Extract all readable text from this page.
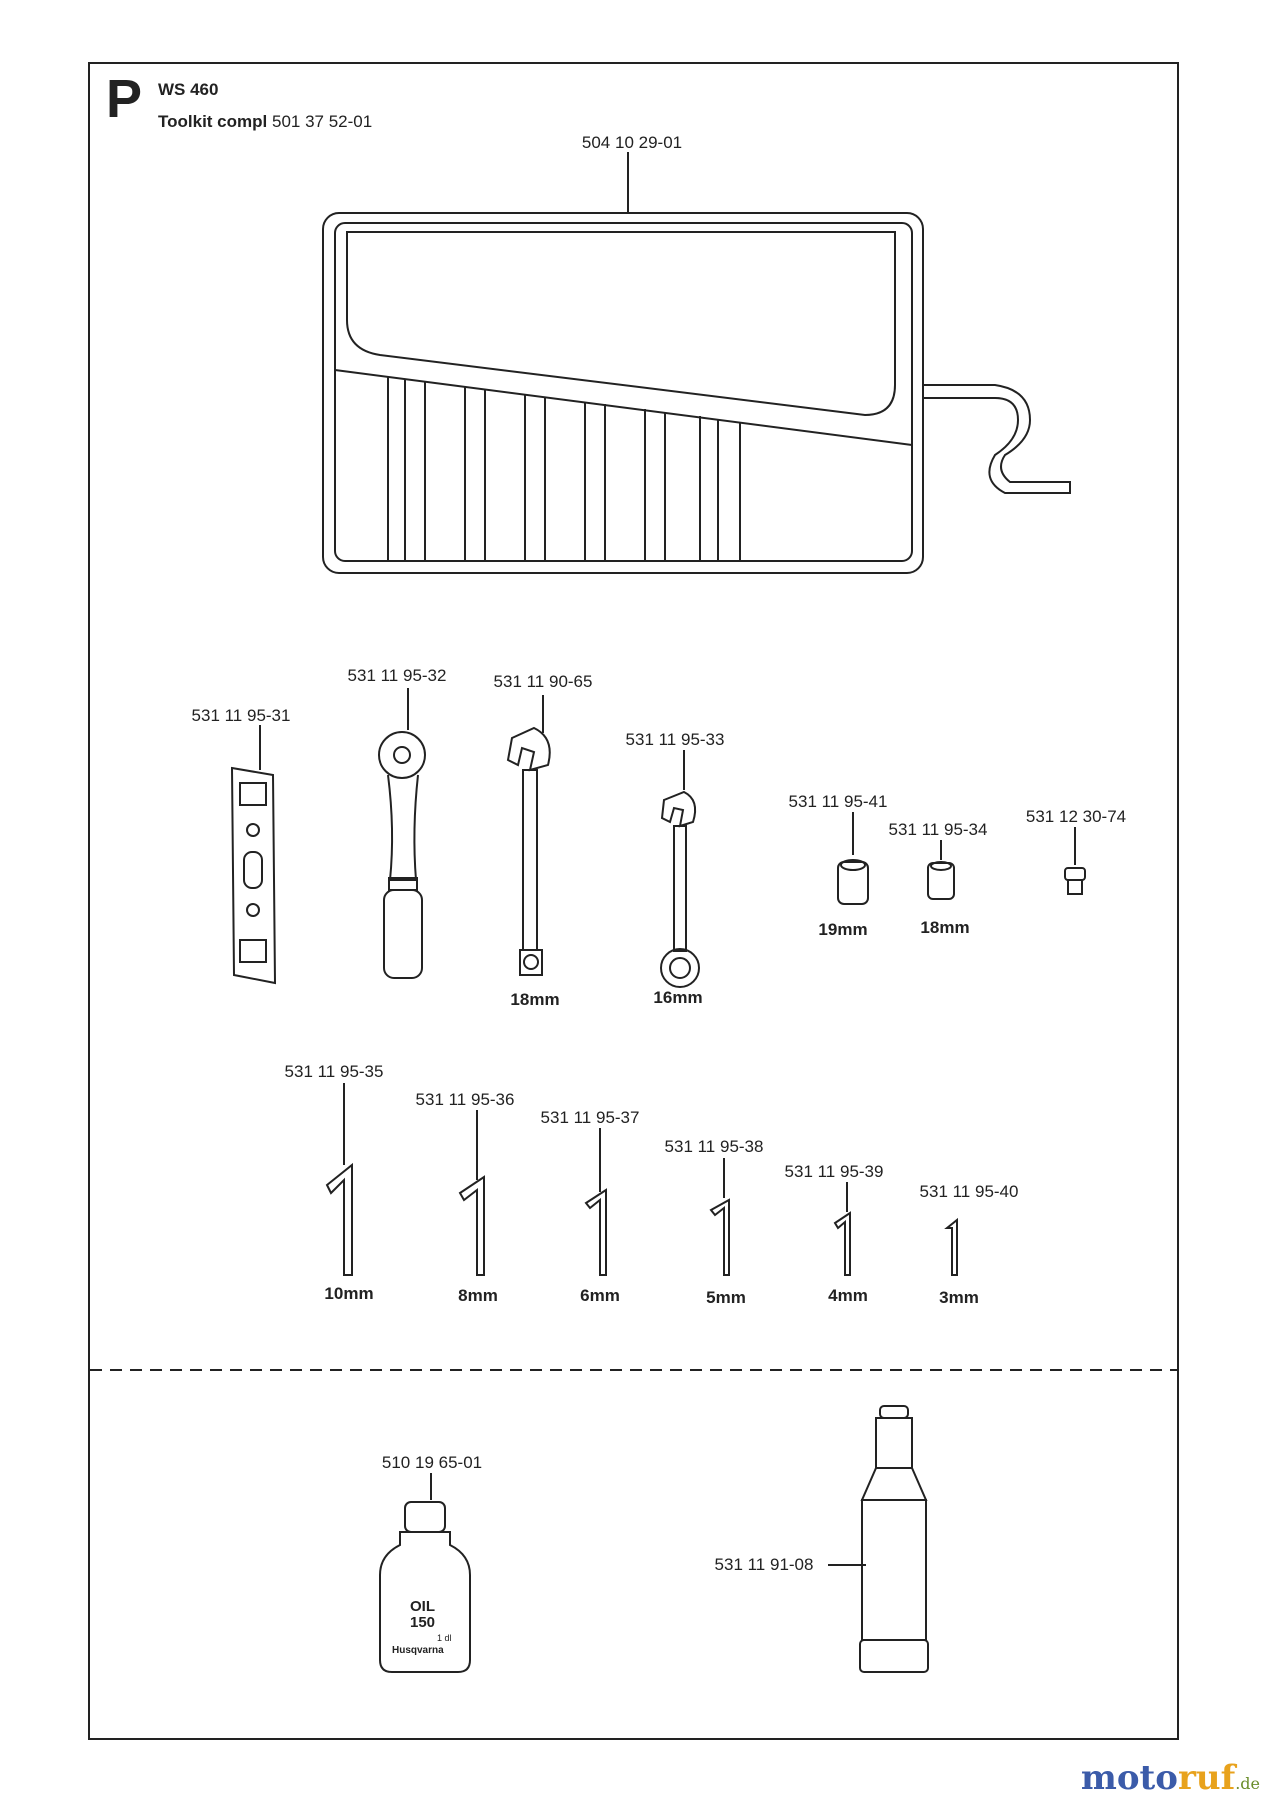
P WS 460
Toolkit compl 501 37 52-01
504 10 29-01
531 11 95-31
531 11 95-32	531 11 90-65
531 11 95-33
531 11 95-41
531 11 95-34
531 12 30-74
531 11 95-35
531 11 95-36
531 11 95-37
531 11 95-38
531 11 95-39
531 11 95-40
510 19 65-01
531 11 91-08
18mm	16mm
19mm	18mm
10mm	8mm	6mm	5mm	4mm	3mm
OIL
150
1 dl
Husqvarna
motoruf.de
